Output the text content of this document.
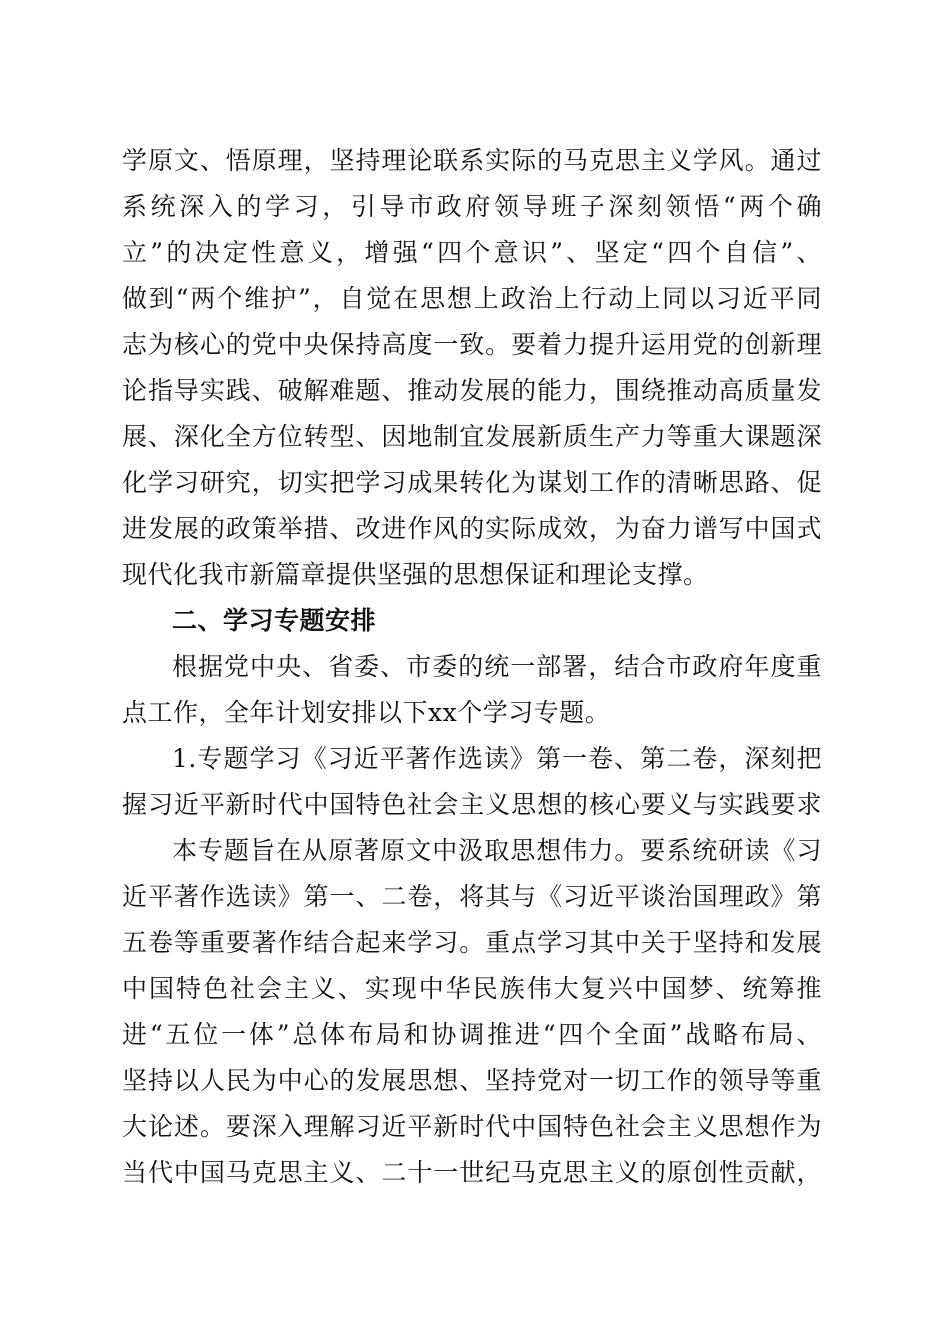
学原文、悟原理，坚持理论联系实际的马克思主义学风。通过
系统深入的学习，引导市政府领导班子深刻领悟“两个确
立”的决定性意义，增强“四个意识”、坚定“四个自信”、
做到“两个维护”，自觉在思想上政治上行动上同以习近平同
志为核心的党中央保持高度一致。要着力提升运用党的创新理
论指导实践、破解难题、推动发展的能力，围绕推动高质量发
展、深化全方位转型、因地制宜发展新质生产力等重大课题深
化学习研究，切实把学习成果转化为谋划工作的清晰思路、促
进发展的政策举措、改进作风的实际成效，为奋力谱写中国式
现代化我市新篇章提供坚强的思想保证和理论支撑。
二、学习专题安排
根据党中央、省委、市委的统一部署，结合市政府年度重
点工作，全年计划安排以下xx个学习专题。
1.专题学习《习近平著作选读》第一卷、第二卷，深刻把
握习近平新时代中国特色社会主义思想的核心要义与实践要求
本专题旨在从原著原文中汲取思想伟力。要系统研读《习
近平著作选读》第一、二卷，将其与《习近平谈治国理政》第
五卷等重要著作结合起来学习。重点学习其中关于坚持和发展
中国特色社会主义、实现中华民族伟大复兴中国梦、统筹推
进“五位一体”总体布局和协调推进“四个全面”战略布局、
坚持以人民为中心的发展思想、坚持党对一切工作的领导等重
大论述。要深入理解习近平新时代中国特色社会主义思想作为
当代中国马克思主义、二十一世纪马克思主义的原创性贡献，
